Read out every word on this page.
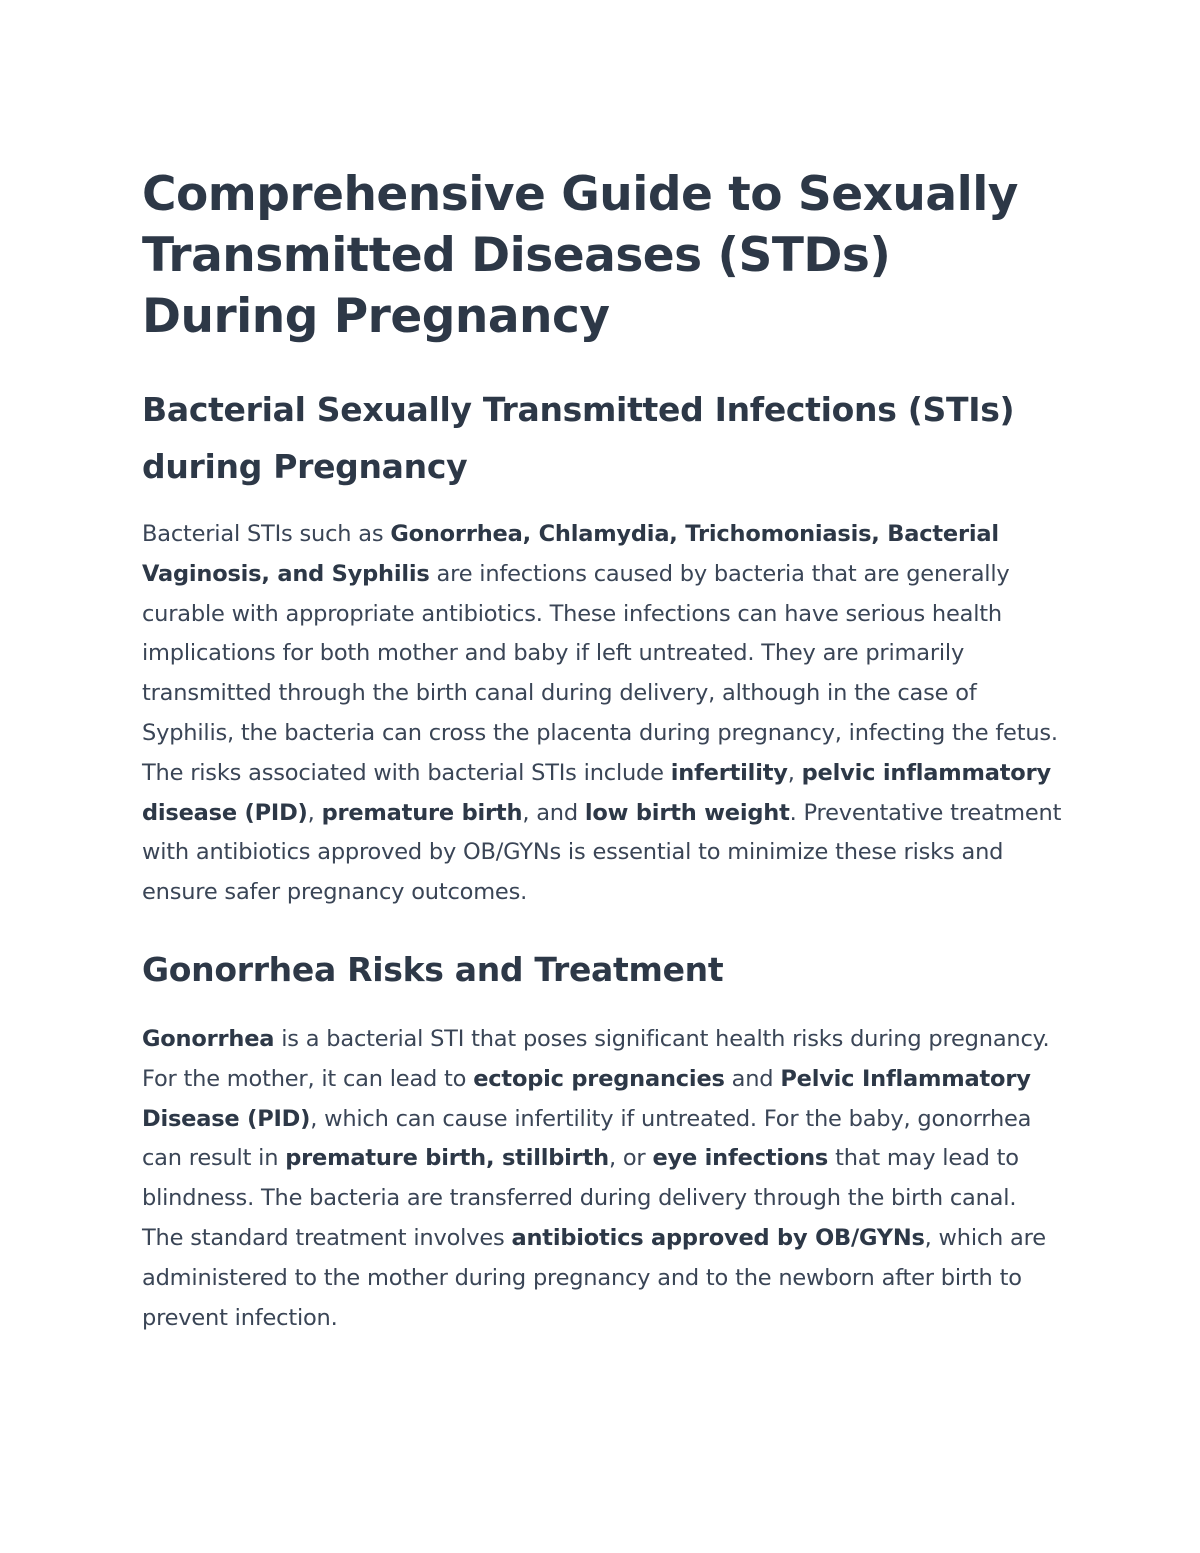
Comprehensive Guide to Sexually Transmitted Diseases (STDs) During Pregnancy
Bacterial Sexually Transmitted Infections (STIs) during Pregnancy

Bacterial STIs such as Gonorrhea, Chlamydia, Trichomoniasis, Bacterial Vaginosis, and Syphilis are infections caused by bacteria that are generally curable with appropriate antibiotics. These infections can have serious health implications for both mother and baby if left untreated. They are primarily transmitted through the birth canal during delivery, although in the case of Syphilis, the bacteria can cross the placenta during pregnancy, infecting the fetus. The risks associated with bacterial STIs include infertility, pelvic inflammatory disease (PID), premature birth, and low birth weight. Preventative treatment with antibiotics approved by OB/GYNs is essential to minimize these risks and ensure safer pregnancy outcomes.

Gonorrhea Risks and Treatment

Gonorrhea is a bacterial STI that poses significant health risks during pregnancy. For the mother, it can lead to ectopic pregnancies and Pelvic Inflammatory Disease (PID), which can cause infertility if untreated. For the baby, gonorrhea can result in premature birth, stillbirth, or eye infections that may lead to blindness. The bacteria are transferred during delivery through the birth canal. The standard treatment involves antibiotics approved by OB/GYNs, which are administered to the mother during pregnancy and to the newborn after birth to prevent infection.
